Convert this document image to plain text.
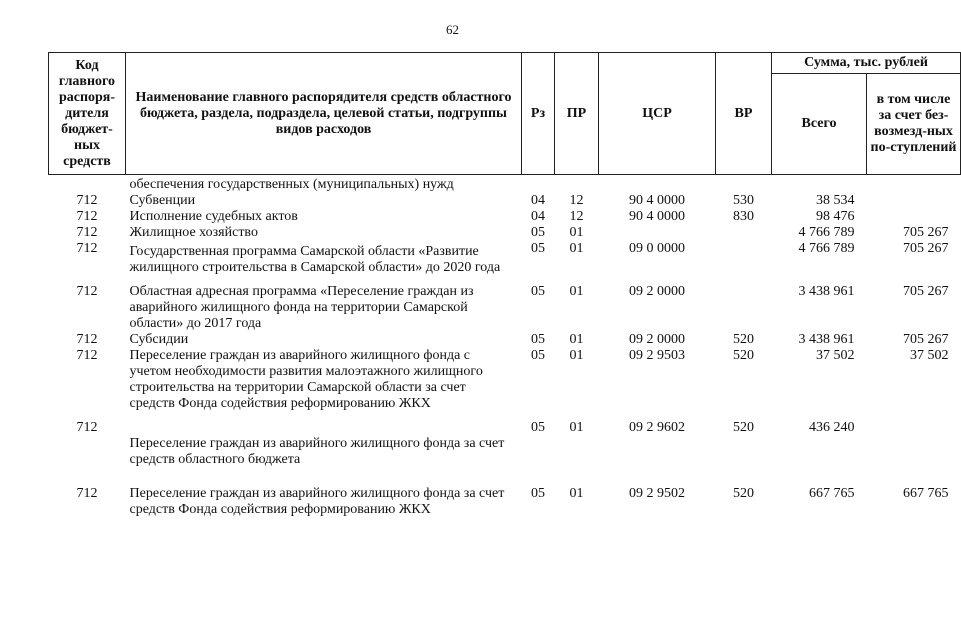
62
Код главного распоря-дителя бюджет-ных средств	Наименование главного распорядителя средств областного бюджета, раздела, подраздела, целевой статьи, подгруппы видов расходов	Рз	ПР	ЦСР	ВР	Сумма, тыс. рублей	
						Всего	в том числе за счет без-возмезд-ных по-ступлений
	обеспечения государственных (муниципальных) нужд						
712	Субвенции	04	12	90 4 0000	530	38 534	
712	Исполнение судебных актов	04	12	90 4 0000	830	98 476	
712	Жилищное хозяйство	05	01			4 766 789	705 267
712	Государственная программа Самарской области «Развитие жилищного строительства в Самарской области» до 2020 года	05	01	09 0 0000		4 766 789	705 267
712	Областная адресная программа «Переселение граждан из аварийного жилищного фонда на территории Самарской области» до 2017 года	05	01	09 2 0000		3 438 961	705 267
712	Субсидии	05	01	09 2 0000	520	3 438 961	705 267
712	Переселение граждан из аварийного жилищного фонда с учетом необходимости развития малоэтажного жилищного строительства на территории Самарской области за счет средств Фонда содействия реформированию ЖКХ	05	01	09 2 9503	520	37 502	37 502
712	Переселение граждан из аварийного жилищного фонда за счет средств областного бюджета	05	01	09 2 9602	520	436 240	
712	Переселение граждан из аварийного жилищного фонда за счет средств Фонда содействия реформированию ЖКХ	05	01	09 2 9502	520	667 765	667 765
